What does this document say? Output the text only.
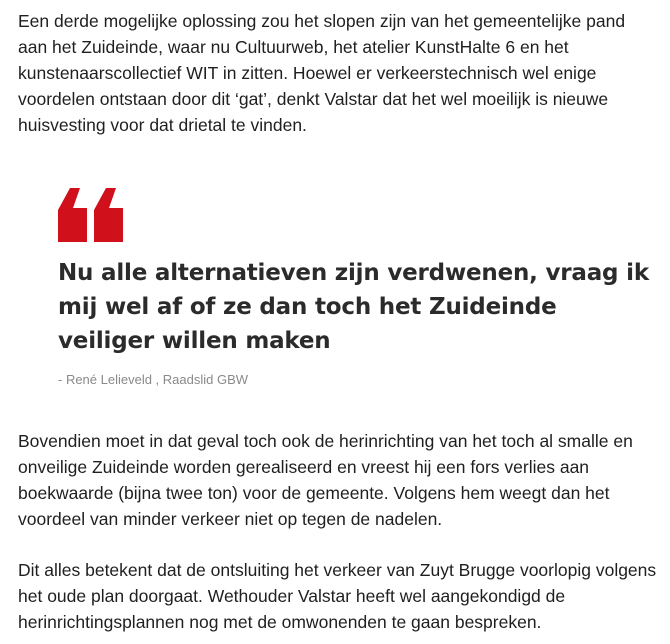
Een derde mogelijke oplossing zou het slopen zijn van het gemeentelijke pand aan het Zuideinde, waar nu Cultuurweb, het atelier KunstHalte 6 en het kunstenaarscollectief WIT in zitten. Hoewel er verkeerstechnisch wel enige voordelen ontstaan door dit ‘gat’, denkt Valstar dat het wel moeilijk is nieuwe huisvesting voor dat drietal te vinden.

Nu alle alternatieven zijn verdwenen, vraag ik mij wel af of ze dan toch het Zuideinde veiliger willen maken

- René Lelieveld , Raadslid GBW

Bovendien moet in dat geval toch ook de herinrichting van het toch al smalle en onveilige Zuideinde worden gerealiseerd en vreest hij een fors verlies aan boekwaarde (bijna twee ton) voor de gemeente. Volgens hem weegt dan het voordeel van minder verkeer niet op tegen de nadelen.

Dit alles betekent dat de ontsluiting het verkeer van Zuyt Brugge voorlopig volgens het oude plan doorgaat. Wethouder Valstar heeft wel aangekondigd de herinrichtingsplannen nog met de omwonenden te gaan bespreken.
